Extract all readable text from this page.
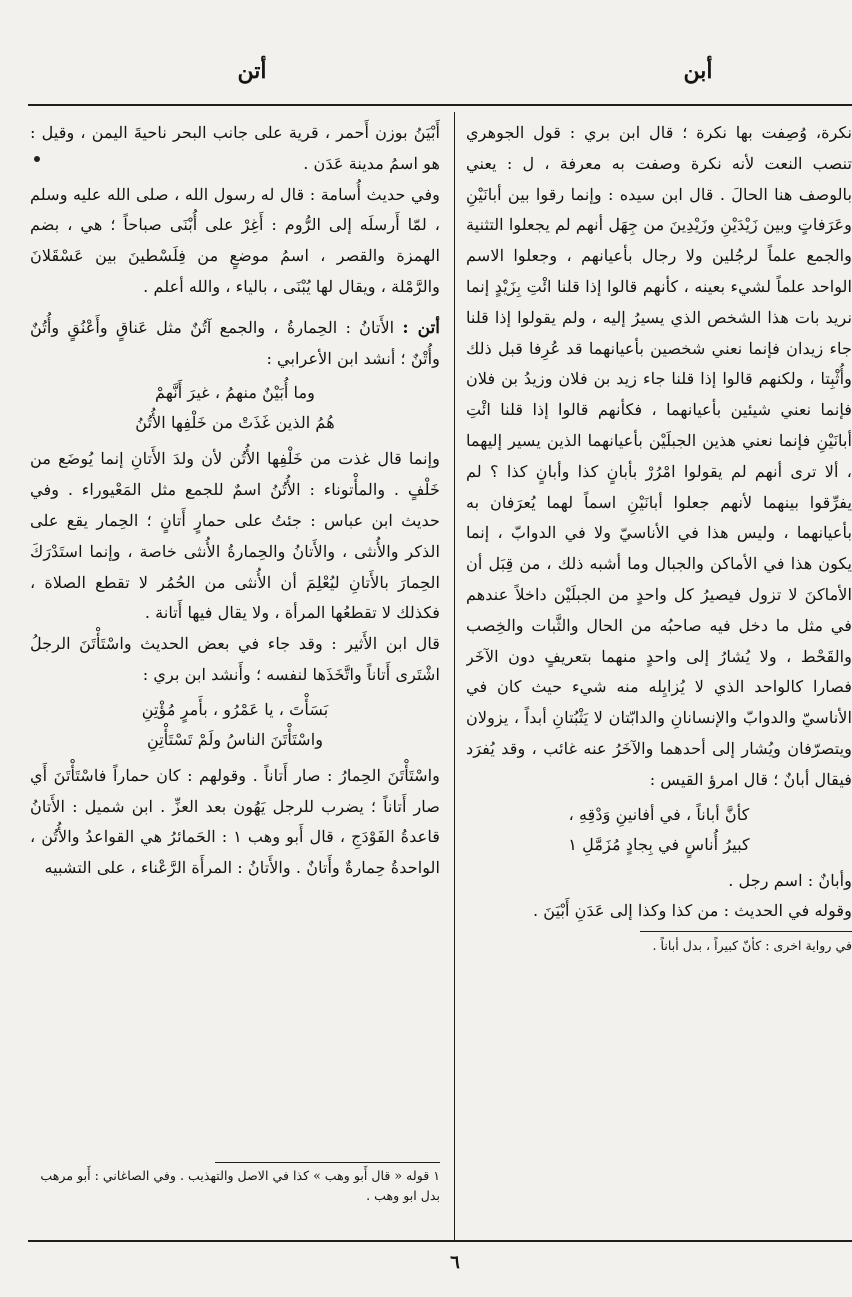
أبن
أتن

نكرة، وُصِفت بها نكرة ؛ قال ابن بري : قول الجوهري تنصب النعت لأنه نكرة وصفت به معرفة ، ل : يعني بالوصف هنا الحالَ . قال ابن سيده : وإنما رقوا بين أبانَيْنِ وعَرَفاتٍ وبين زَيْدَيْنِ وزَيْدِينَ من جِهَل أنهم لم يجعلوا التثنية والجمع علماً لرجُلين ولا رجال بأعيانهم ، وجعلوا الاسم الواحد علماً لشيء بعينه ، كأنهم قالوا إذا قلنا ائْتِ بِزَيْدٍ إنما نريد بات هذا الشخص الذي يسيرُ إليه ، ولم يقولوا إذا قلنا جاء زيدان فإنما نعني شخصين بأعيانهما قد عُرِفا قبل ذلك وأُثْبِتا ، ولكنهم قالوا إذا قلنا جاء زيد بن فلان وزيدُ بن فلان فإنما نعني شيئين بأعيانهما ، فكأنهم قالوا إذا قلنا ائْتِ أبانَيْنِ فإنما نعني هذين الجبلَيْن بأعيانهما الذين يسير إليهما ، ألا ترى أنهم لم يقولوا امْرُرْ بأبانٍ كذا وأبانٍ كذا ؟ لم يفرِّقوا بينهما لأنهم جعلوا أبانَيْنِ اسماً لهما يُعرَفان به بأعيانهما ، وليس هذا في الأناسيّ ولا في الدوابّ ، إنما يكون هذا في الأماكن والجبال وما أشبه ذلك ، من قِبَل أن الأماكنَ لا تزول فيصيرُ كل واحدٍ من الجبلَيْن داخلاً عندهم في مثل ما دخل فيه صاحبُه من الحال والثَّبات والخِصب والقَحْط ، ولا يُشارُ إلى واحدٍ منهما بتعريفٍ دون الآخَر فصارا كالواحد الذي لا يُزايِله منه شيء حيث كان في الأناسيّ والدوابّ والإنسانانِ والدابّتان لا يَثْبُتانِ أبداً ، يزولان ويتصرّفان ويُشار إلى أحدهما والآخَرُ عنه غائب ، وقد يُفرَد فيقال أبانٌ ؛ قال امرؤ القيس :

كأنَّ أباناً ، في أفانينِ وَدْقِهِ ،
كبيرُ أُناسٍ في بِجادٍ مُزَمَّلِ ١

وأبانٌ : اسم رجل .

وقوله في الحديث : من كذا وكذا إلى عَدَنِ أَبْيَنَ .

في رواية اخرى : كأنّ كبيراً ، بدل أباناً .

أَبْيَنُ بوزن أَحمر ، قرية على جانب البحر ناحيةَ اليمن ، وقيل : هو اسمُ مدينة عَدَن .

وفي حديث أُسامة : قال له رسول الله ، صلى الله عليه وسلم ، لمّا أَرسلَه إلى الرُّوم : أَغِرْ على أُبْنَى صباحاً ؛ هي ، بضم الهمزة والقصر ، اسمُ موضعٍ من فِلَسْطينَ بين عَسْقَلانَ والرَّمْلة ، ويقال لها يُبْنَى ، بالياء ، والله أعلم .

أتن : الأَتانُ : الحِمارةُ ، والجمع آتُنٌ مثل عَناقٍ وأَعْنُقٍ وأُتُنٌ وأُتْنٌ ؛ أنشد ابن الأعرابي :

وما أُبَيْنٌ منهمُ ، غيرَ أَنَّهمْ
هُمُ الذين غَذَتْ من خَلْفِها الأُتُنُ

وإنما قال غذت من خَلْفِها الأُتُن لأن ولدَ الأَتانِ إنما يُوضَع من خَلْفٍ . والمأْتوناء : الأُتُنُ اسمٌ للجمع مثل المَعْيوراء . وفي حديث ابن عباس : جئتُ على حمارٍ أَتانٍ ؛ الحِمار يقع على الذكر والأُنثى ، والأَتانُ والحِمارةُ الأُنثى خاصة ، وإنما استَدْرَكَ الحِمارَ بالأَتانِ ليُعْلِمَ أن الأُنثى من الحُمُر لا تقطع الصلاة ، فكذلك لا تقطعُها المرأة ، ولا يقال فيها أَتانة .

قال ابن الأَثير : وقد جاء في بعض الحديث واسْتَأْتَنَ الرجلُ اشْتَرى أَتاناً واتَّخَذَها لنفسه ؛ وأَنشد ابن بري :

بَسَأْتَ ، يا عَمْرُو ، بأَمرٍ مُؤْتِنِ
واسْتَأْتَنَ الناسُ ولَمْ تَسْتَأْتِنِ

واسْتَأْتَنَ الحِمارُ : صار أَتاناً . وقولهم : كان حماراً فاسْتَأْتَنَ أَي صار أَتاناً ؛ يضرب للرجل يَهُون بعد العزِّ . ابن شميل : الأَتانُ قاعدةُ الفَوْدَجِ ، قال أَبو وهب ١ : الحَمائرُ هي القواعدُ والأُتُن ، الواحدةُ حِمارةٌ وأَتانٌ . والأَتانُ : المرأَة الرَّعْناء ، على التشبيه

١ قوله « قال أَبو وهب » كذا في الاصل والتهذيب . وفي الصاغاني : أَبو مرهب بدل ابو وهب .
٦
